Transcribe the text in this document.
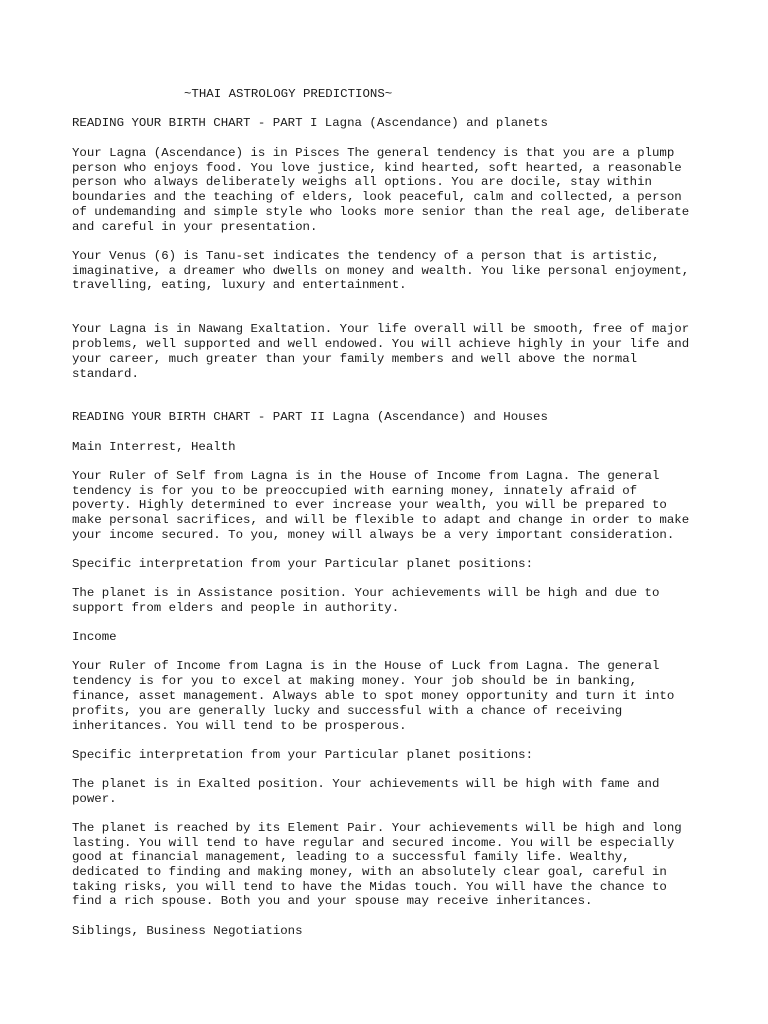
~THAI ASTROLOGY PREDICTIONS~

READING YOUR BIRTH CHART - PART I Lagna (Ascendance) and planets

Your Lagna (Ascendance) is in Pisces The general tendency is that you are a plump

person who enjoys food. You love justice, kind hearted, soft hearted, a reasonable

person who always deliberately weighs all options. You are docile, stay within

boundaries and the teaching of elders, look peaceful, calm and collected, a person

of undemanding and simple style who looks more senior than the real age, deliberate

and careful in your presentation.

Your Venus (6) is Tanu-set indicates the tendency of a person that is artistic,

imaginative, a dreamer who dwells on money and wealth. You like personal enjoyment,

travelling, eating, luxury and entertainment.

Your Lagna is in Nawang Exaltation. Your life overall will be smooth, free of major

problems, well supported and well endowed. You will achieve highly in your life and

your career, much greater than your family members and well above the normal

standard.

READING YOUR BIRTH CHART - PART II Lagna (Ascendance) and Houses

Main Interrest, Health

Your Ruler of Self from Lagna is in the House of Income from Lagna. The general

tendency is for you to be preoccupied with earning money, innately afraid of

poverty. Highly determined to ever increase your wealth, you will be prepared to

make personal sacrifices, and will be flexible to adapt and change in order to make

your income secured. To you, money will always be a very important consideration.

Specific interpretation from your Particular planet positions:

The planet is in Assistance position. Your achievements will be high and due to

support from elders and people in authority.

Income

Your Ruler of Income from Lagna is in the House of Luck from Lagna. The general

tendency is for you to excel at making money. Your job should be in banking,

finance, asset management. Always able to spot money opportunity and turn it into

profits, you are generally lucky and successful with a chance of receiving

inheritances. You will tend to be prosperous.

Specific interpretation from your Particular planet positions:

The planet is in Exalted position. Your achievements will be high with fame and

power.

The planet is reached by its Element Pair. Your achievements will be high and long

lasting. You will tend to have regular and secured income. You will be especially

good at financial management, leading to a successful family life. Wealthy,

dedicated to finding and making money, with an absolutely clear goal, careful in

taking risks, you will tend to have the Midas touch. You will have the chance to

find a rich spouse. Both you and your spouse may receive inheritances.

Siblings, Business Negotiations
